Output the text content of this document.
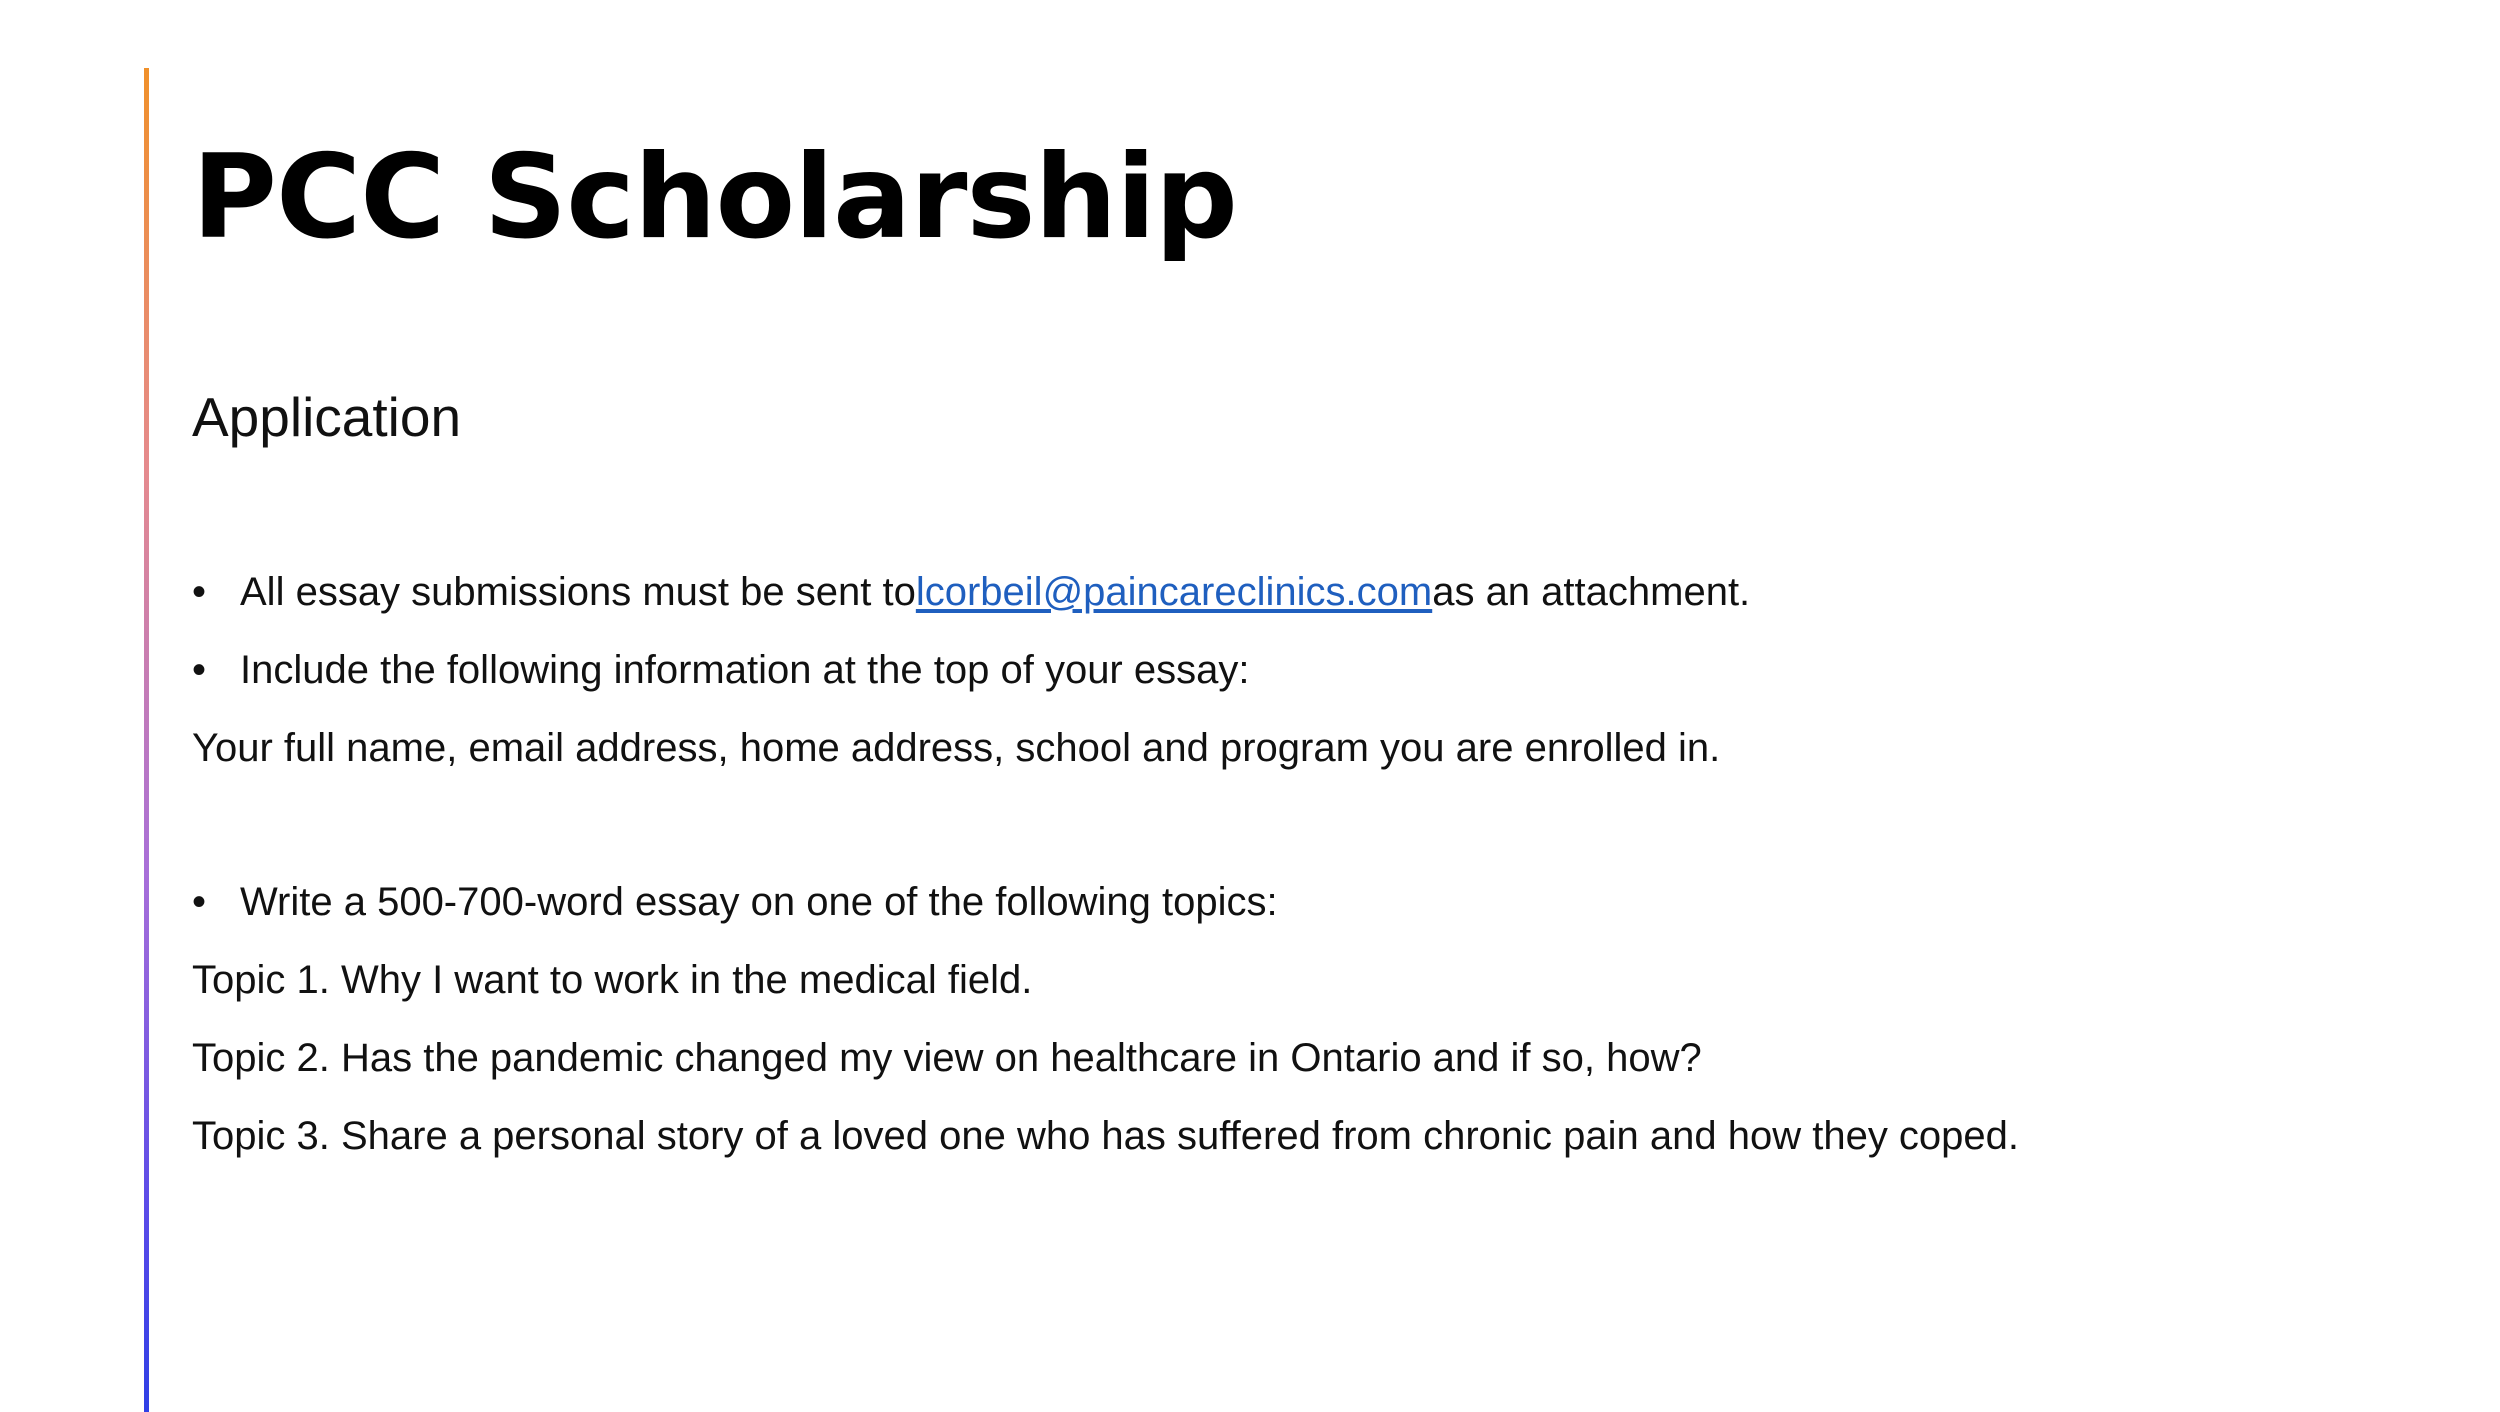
PCC Scholarship
Application
• All essay submissions must be sent tolcorbeil@paincareclinics.comas an attachment.
• Include the following information at the top of your essay:
Your full name, email address, home address, school and program you are enrolled in.
• Write a 500-700-word essay on one of the following topics:
Topic 1. Why I want to work in the medical field.
Topic 2. Has the pandemic changed my view on healthcare in Ontario and if so, how?
Topic 3. Share a personal story of a loved one who has suffered from chronic pain and how they coped.
